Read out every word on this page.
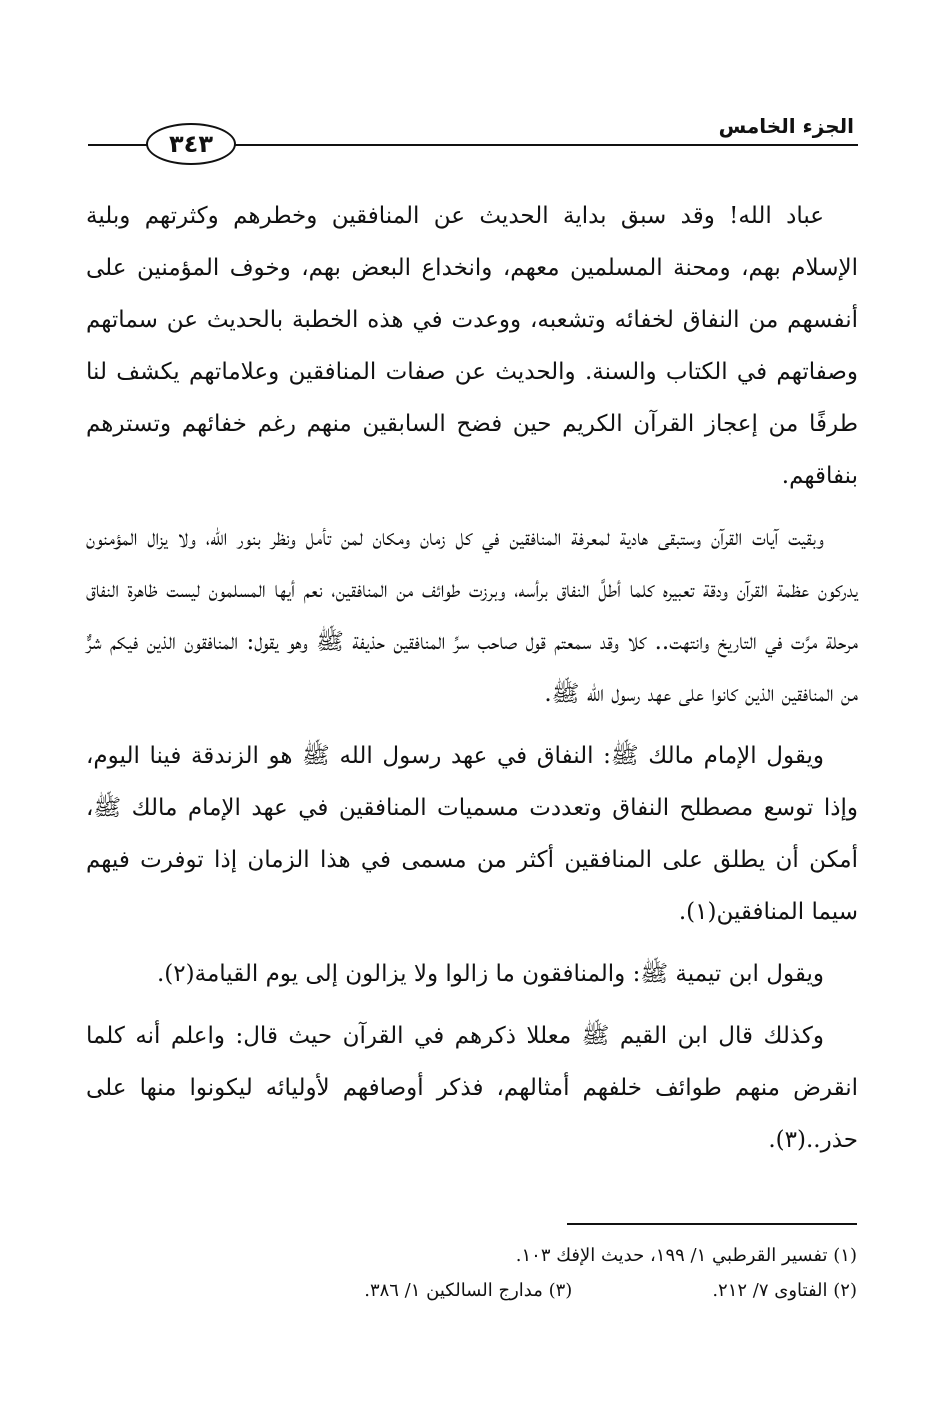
٣٤٣
الجزء الخامس

عباد الله! وقد سبق بداية الحديث عن المنافقين وخطرهم وكثرتهم وبلية الإسلام بهم، ومحنة المسلمين معهم، وانخداع البعض بهم، وخوف المؤمنين على أنفسهم من النفاق لخفائه وتشعبه، ووعدت في هذه الخطبة بالحديث عن سماتهم وصفاتهم في الكتاب والسنة. والحديث عن صفات المنافقين وعلاماتهم يكشف لنا طرفًا من إعجاز القرآن الكريم حين فضح السابقين منهم رغم خفائهم وتسترهم بنفاقهم.

وبقيت آيات القرآن وستبقى هادية لمعرفة المنافقين في كل زمان ومكان لمن تأمل ونظر بنور الله، ولا يزال المؤمنون يدركون عظمة القرآن ودقة تعبيره كلما أطلَّ النفاق برأسه، وبرزت طوائف من المنافقين، نعم أيها المسلمون ليست ظاهرة النفاق مرحلة مرَّت في التاريخ وانتهت.. كلا وقد سمعتم قول صاحب سرِّ المنافقين حذيفة ﷺ وهو يقول: المنافقون الذين فيكم شرٌّ من المنافقين الذين كانوا على عهد رسول الله ﷺ.

ويقول الإمام مالك ﷺ: النفاق في عهد رسول الله ﷺ هو الزندقة فينا اليوم، وإذا توسع مصطلح النفاق وتعددت مسميات المنافقين في عهد الإمام مالك ﷺ، أمكن أن يطلق على المنافقين أكثر من مسمى في هذا الزمان إذا توفرت فيهم سيما المنافقين(١).

ويقول ابن تيمية ﷺ: والمنافقون ما زالوا ولا يزالون إلى يوم القيامة(٢).

وكذلك قال ابن القيم ﷺ معللا ذكرهم في القرآن حيث قال: واعلم أنه كلما انقرض منهم طوائف خلفهم أمثالهم، فذكر أوصافهم لأوليائه ليكونوا منها على حذر..(٣).

(١) تفسير القرطبي ١/ ١٩٩، حديث الإفك ١٠٣.
(٢) الفتاوى ٧/ ٢١٢.
(٣) مدارج السالكين ١/ ٣٨٦.
